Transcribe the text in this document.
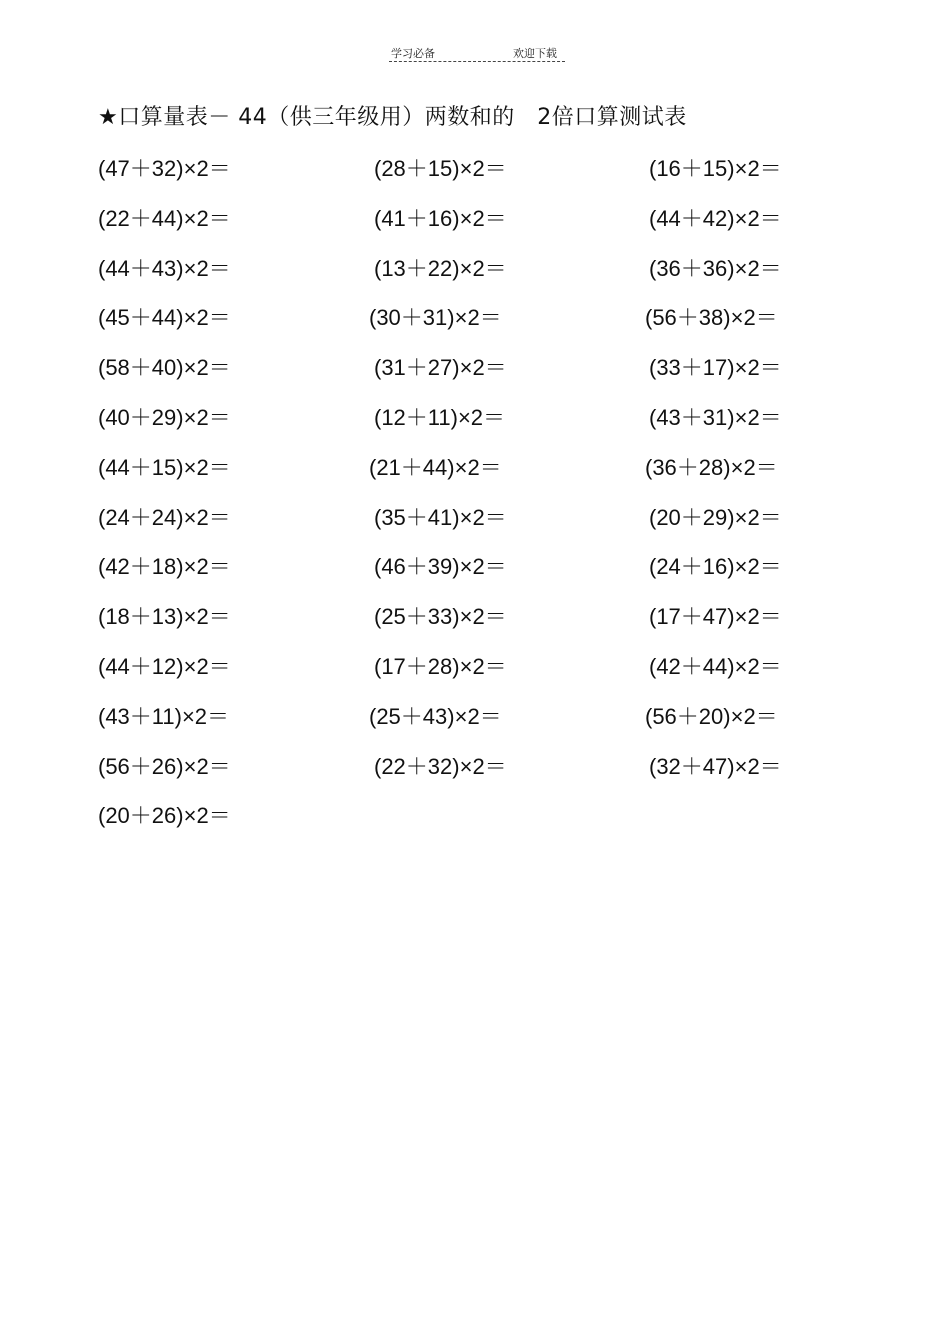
学习必备	欢迎下载
★口算量表－ 44（供三年级用）两数和的   2倍口算测试表
(47＋32)×2＝	(28＋15)×2＝	(16＋15)×2＝
(22＋44)×2＝	(41＋16)×2＝	(44＋42)×2＝
(44＋43)×2＝	(13＋22)×2＝	(36＋36)×2＝
(45＋44)×2＝	(30＋31)×2＝	(56＋38)×2＝
(58＋40)×2＝	(31＋27)×2＝	(33＋17)×2＝
(40＋29)×2＝	(12＋11)×2＝	(43＋31)×2＝
(44＋15)×2＝	(21＋44)×2＝	(36＋28)×2＝
(24＋24)×2＝	(35＋41)×2＝	(20＋29)×2＝
(42＋18)×2＝	(46＋39)×2＝	(24＋16)×2＝
(18＋13)×2＝	(25＋33)×2＝	(17＋47)×2＝
(44＋12)×2＝	(17＋28)×2＝	(42＋44)×2＝
(43＋11)×2＝	(25＋43)×2＝	(56＋20)×2＝
(56＋26)×2＝	(22＋32)×2＝	(32＋47)×2＝
(20＋26)×2＝
